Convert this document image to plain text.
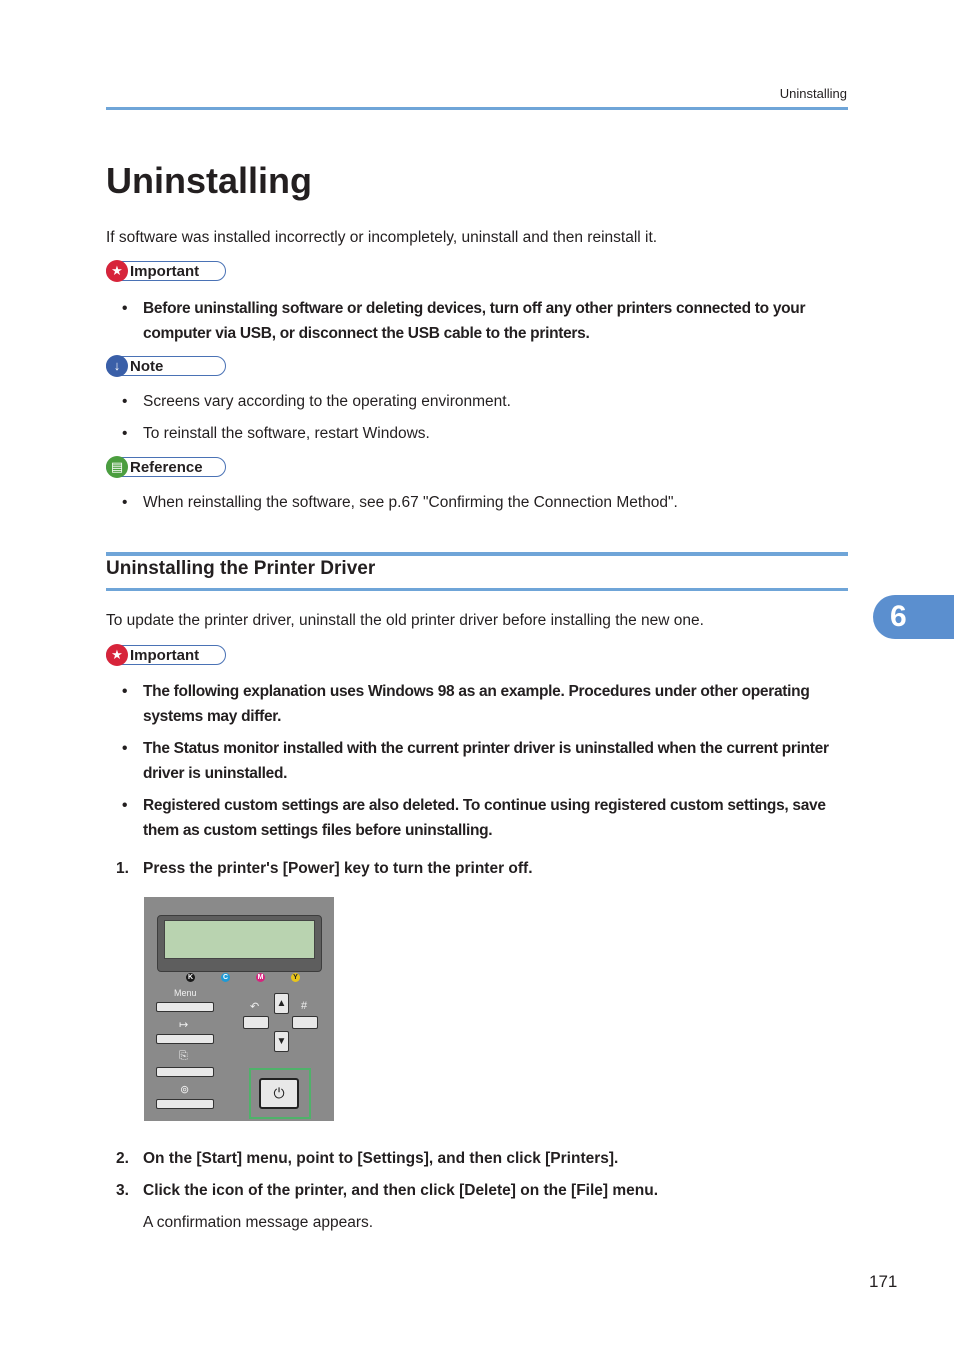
Uninstalling
Uninstalling

If software was installed incorrectly or incompletely, uninstall and then reinstall it.

★ Important
• Before uninstalling software or deleting devices, turn off any other printers connected to your computer via USB, or disconnect the USB cable to the printers.
↓ Note
• Screens vary according to the operating environment.
• To reinstall the software, restart Windows.
▤ Reference
• When reinstalling the software, see p.67 "Confirming the Connection Method".
Uninstalling the Printer Driver
6

To update the printer driver, uninstall the old printer driver before installing the new one.

★ Important
• The following explanation uses Windows 98 as an example. Procedures under other operating systems may differ.
• The Status monitor installed with the current printer driver is uninstalled when the current printer driver is uninstalled.
• Registered custom settings are also deleted. To continue using registered custom settings, save them as custom settings files before uninstalling.
1. Press the printer's [Power] key to turn the printer off.
K	C	M	Y
Menu
↦
⎘
⊚
↶ ▲
▼
#
⏻
2. On the [Start] menu, point to [Settings], and then click [Printers].
3. Click the icon of the printer, and then click [Delete] on the [File] menu.
A confirmation message appears.
171
